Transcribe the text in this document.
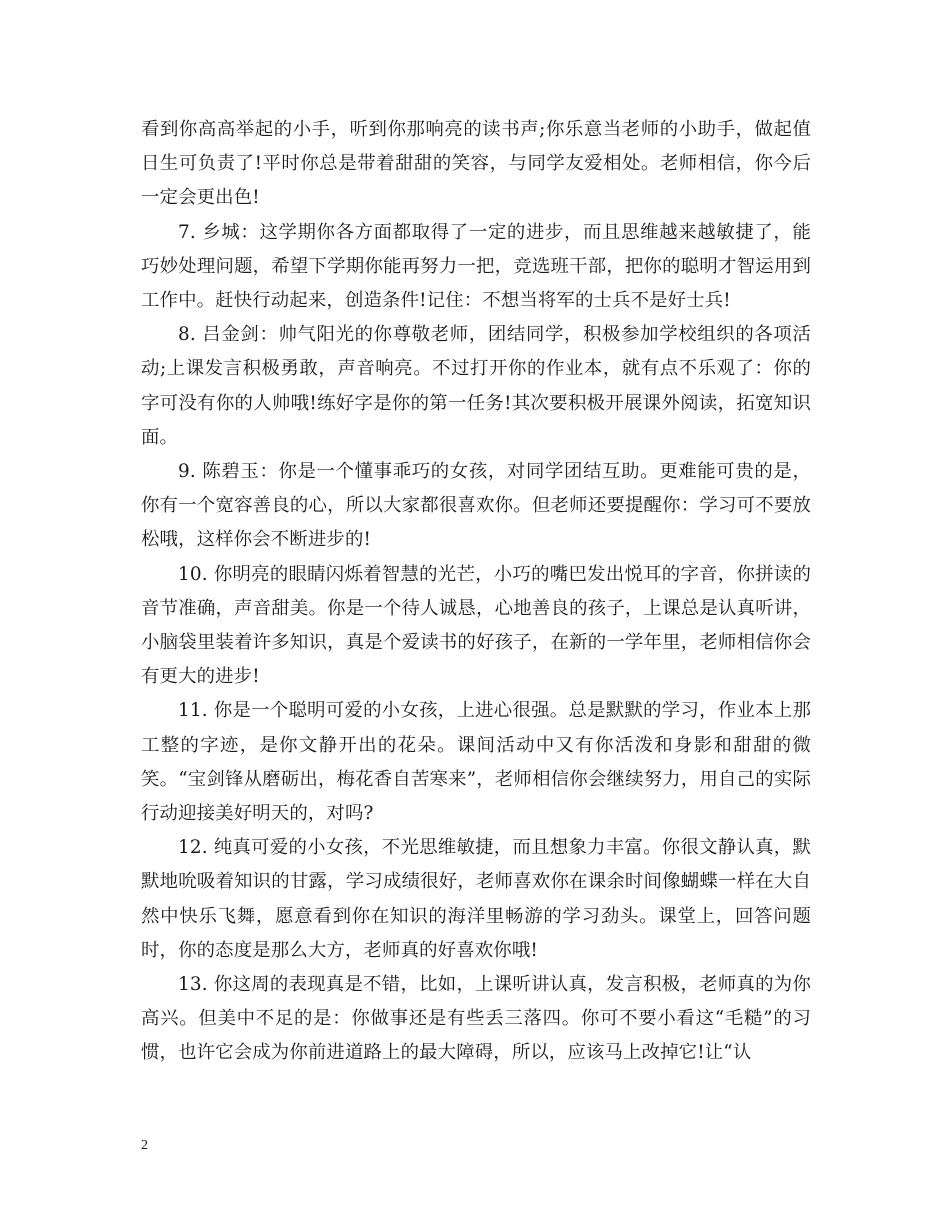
看到你高高举起的小手，听到你那响亮的读书声;你乐意当老师的小助手，做起值日生可负责了!平时你总是带着甜甜的笑容，与同学友爱相处。老师相信，你今后一定会更出色!

7. 乡城：这学期你各方面都取得了一定的进步，而且思维越来越敏捷了，能巧妙处理问题，希望下学期你能再努力一把，竞选班干部，把你的聪明才智运用到工作中。赶快行动起来，创造条件!记住：不想当将军的士兵不是好士兵!

8. 吕金剑：帅气阳光的你尊敬老师，团结同学，积极参加学校组织的各项活动;上课发言积极勇敢，声音响亮。不过打开你的作业本，就有点不乐观了：你的字可没有你的人帅哦!练好字是你的第一任务!其次要积极开展课外阅读，拓宽知识面。

9. 陈碧玉：你是一个懂事乖巧的女孩，对同学团结互助。更难能可贵的是，你有一个宽容善良的心，所以大家都很喜欢你。但老师还要提醒你：学习可不要放松哦，这样你会不断进步的!

10. 你明亮的眼睛闪烁着智慧的光芒，小巧的嘴巴发出悦耳的字音，你拼读的音节准确，声音甜美。你是一个待人诚恳，心地善良的孩子，上课总是认真听讲，小脑袋里装着许多知识，真是个爱读书的好孩子，在新的一学年里，老师相信你会有更大的进步!

11. 你是一个聪明可爱的小女孩，上进心很强。总是默默的学习，作业本上那工整的字迹，是你文静开出的花朵。课间活动中又有你活泼和身影和甜甜的微笑。“宝剑锋从磨砺出，梅花香自苦寒来”，老师相信你会继续努力，用自己的实际行动迎接美好明天的，对吗?

12. 纯真可爱的小女孩，不光思维敏捷，而且想象力丰富。你很文静认真，默默地吮吸着知识的甘露，学习成绩很好，老师喜欢你在课余时间像蝴蝶一样在大自然中快乐飞舞，愿意看到你在知识的海洋里畅游的学习劲头。课堂上，回答问题时，你的态度是那么大方，老师真的好喜欢你哦!

13. 你这周的表现真是不错，比如，上课听讲认真，发言积极，老师真的为你高兴。但美中不足的是：你做事还是有些丢三落四。你可不要小看这“毛糙”的习惯，也许它会成为你前进道路上的最大障碍，所以，应该马上改掉它!让“认

2
